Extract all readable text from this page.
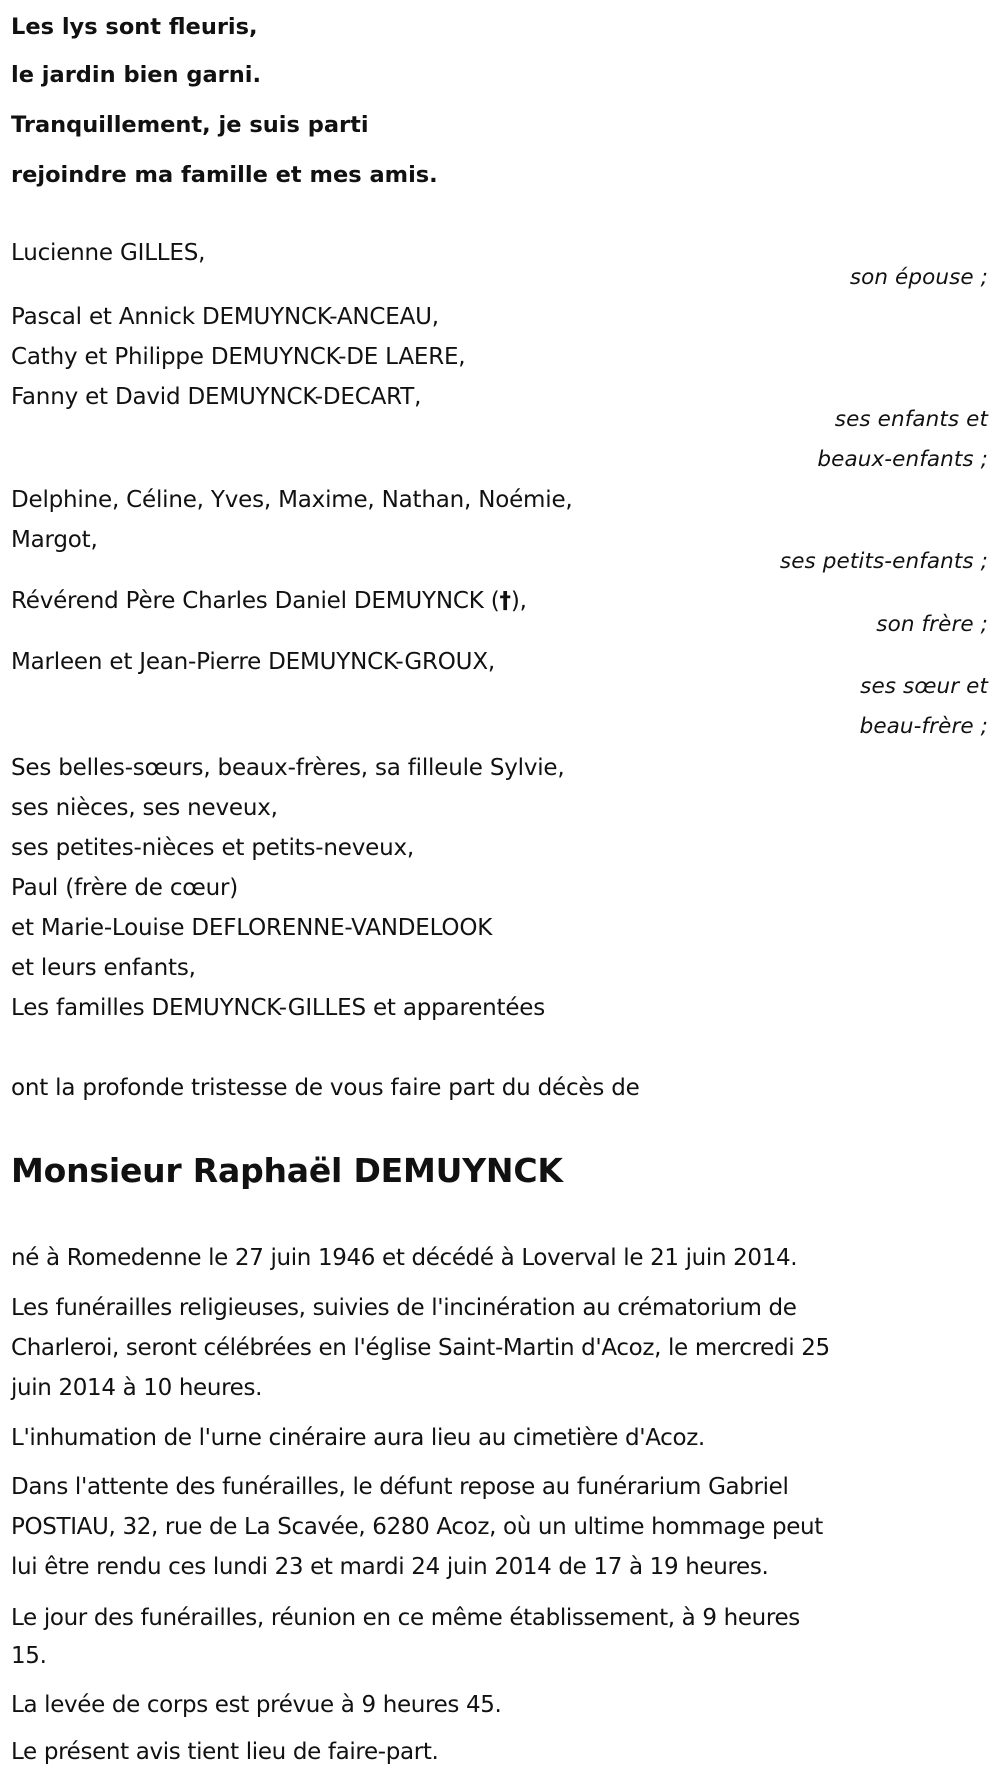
Les lys sont fleuris,
le jardin bien garni.
Tranquillement, je suis parti
rejoindre ma famille et mes amis.
Lucienne GILLES,
son épouse ;
Pascal et Annick DEMUYNCK-ANCEAU,
Cathy et Philippe DEMUYNCK-DE LAERE,
Fanny et David DEMUYNCK-DECART,
ses enfants et
beaux-enfants ;
Delphine, Céline, Yves, Maxime, Nathan, Noémie,
Margot,
ses petits-enfants ;
Révérend Père Charles Daniel DEMUYNCK (†),
son frère ;
Marleen et Jean-Pierre DEMUYNCK-GROUX,
ses sœur et
beau-frère ;
Ses belles-sœurs, beaux-frères, sa filleule Sylvie,
ses nièces, ses neveux,
ses petites-nièces et petits-neveux,
Paul (frère de cœur)
et Marie-Louise DEFLORENNE-VANDELOOK
et leurs enfants,
Les familles DEMUYNCK-GILLES et apparentées
ont la profonde tristesse de vous faire part du décès de
Monsieur Raphaël DEMUYNCK
né à Romedenne le 27 juin 1946 et décédé à Loverval le 21 juin 2014.
Les funérailles religieuses, suivies de l'incinération au crématorium de
Charleroi, seront célébrées en l'église Saint-Martin d'Acoz, le mercredi 25
juin 2014 à 10 heures.
L'inhumation de l'urne cinéraire aura lieu au cimetière d'Acoz.
Dans l'attente des funérailles, le défunt repose au funérarium Gabriel
POSTIAU, 32, rue de La Scavée, 6280 Acoz, où un ultime hommage peut
lui être rendu ces lundi 23 et mardi 24 juin 2014 de 17 à 19 heures.
Le jour des funérailles, réunion en ce même établissement, à 9 heures
15.
La levée de corps est prévue à 9 heures 45.
Le présent avis tient lieu de faire-part.
